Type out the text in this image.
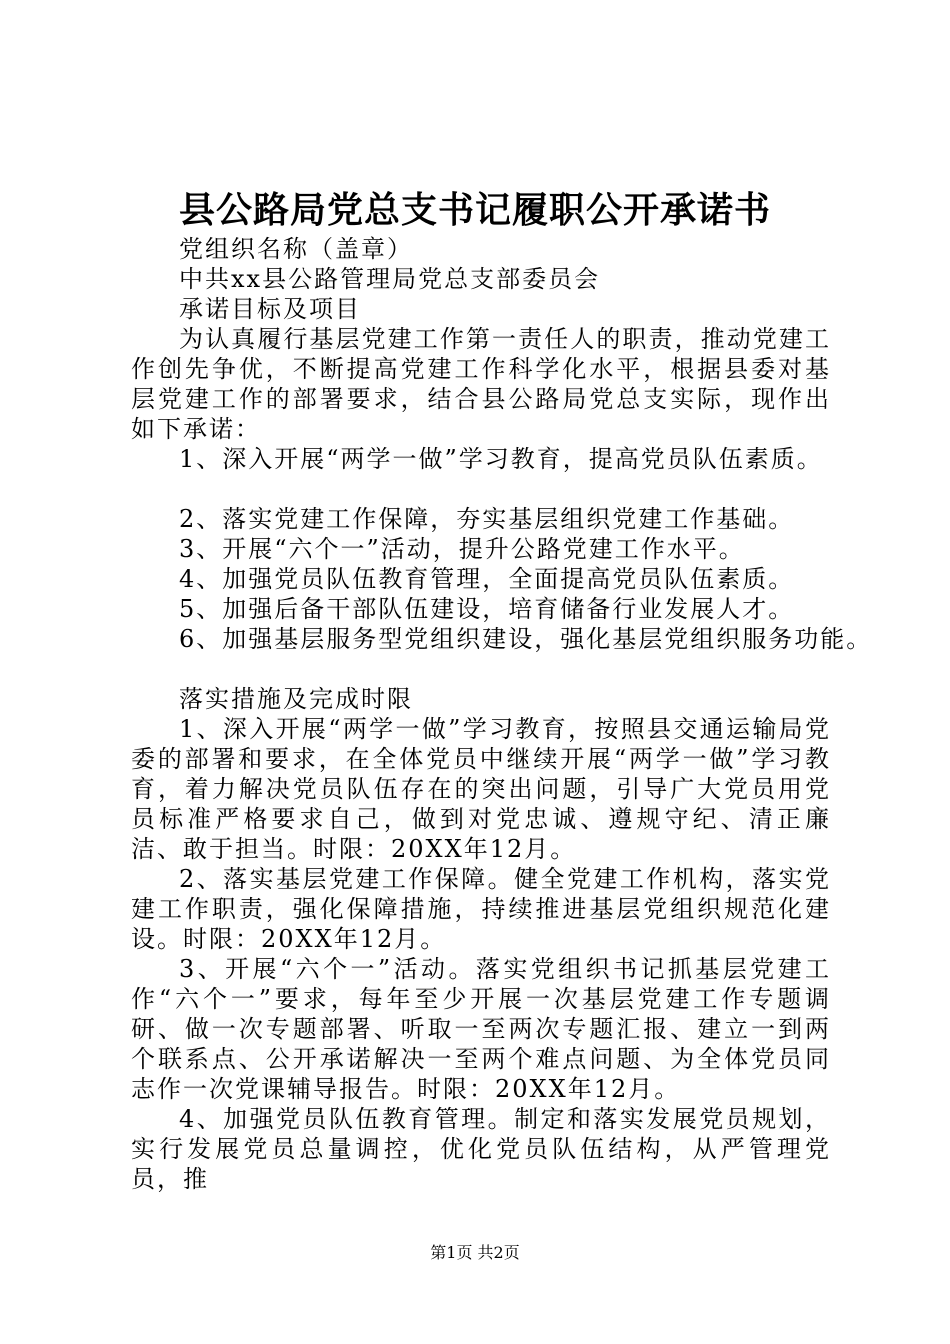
县公路局党总支书记履职公开承诺书
党组织名称（盖章）
中共xx县公路管理局党总支部委员会
承诺目标及项目

为认真履行基层党建工作第一责任人的职责，推动党建工作创先争优，不断提高党建工作科学化水平，根据县委对基层党建工作的部署要求，结合县公路局党总支实际，现作出如下承诺：

1、深入开展“两学一做”学习教育，提高党员队伍素质。
2、落实党建工作保障，夯实基层组织党建工作基础。
3、开展“六个一”活动，提升公路党建工作水平。
4、加强党员队伍教育管理，全面提高党员队伍素质。
5、加强后备干部队伍建设，培育储备行业发展人才。
6、加强基层服务型党组织建设，强化基层党组织服务功能。
落实措施及完成时限

1、深入开展“两学一做”学习教育，按照县交通运输局党委的部署和要求，在全体党员中继续开展“两学一做”学习教育，着力解决党员队伍存在的突出问题，引导广大党员用党员标准严格要求自己，做到对党忠诚、遵规守纪、清正廉洁、敢于担当。时限：20XX年12月。

2、落实基层党建工作保障。健全党建工作机构，落实党建工作职责，强化保障措施，持续推进基层党组织规范化建设。时限：20XX年12月。

3、开展“六个一”活动。落实党组织书记抓基层党建工作“六个一”要求，每年至少开展一次基层党建工作专题调研、做一次专题部署、听取一至两次专题汇报、建立一到两个联系点、公开承诺解决一至两个难点问题、为全体党员同志作一次党课辅导报告。时限：20XX年12月。

4、加强党员队伍教育管理。制定和落实发展党员规划，实行发展党员总量调控，优化党员队伍结构，从严管理党员，推

第1页 共2页
